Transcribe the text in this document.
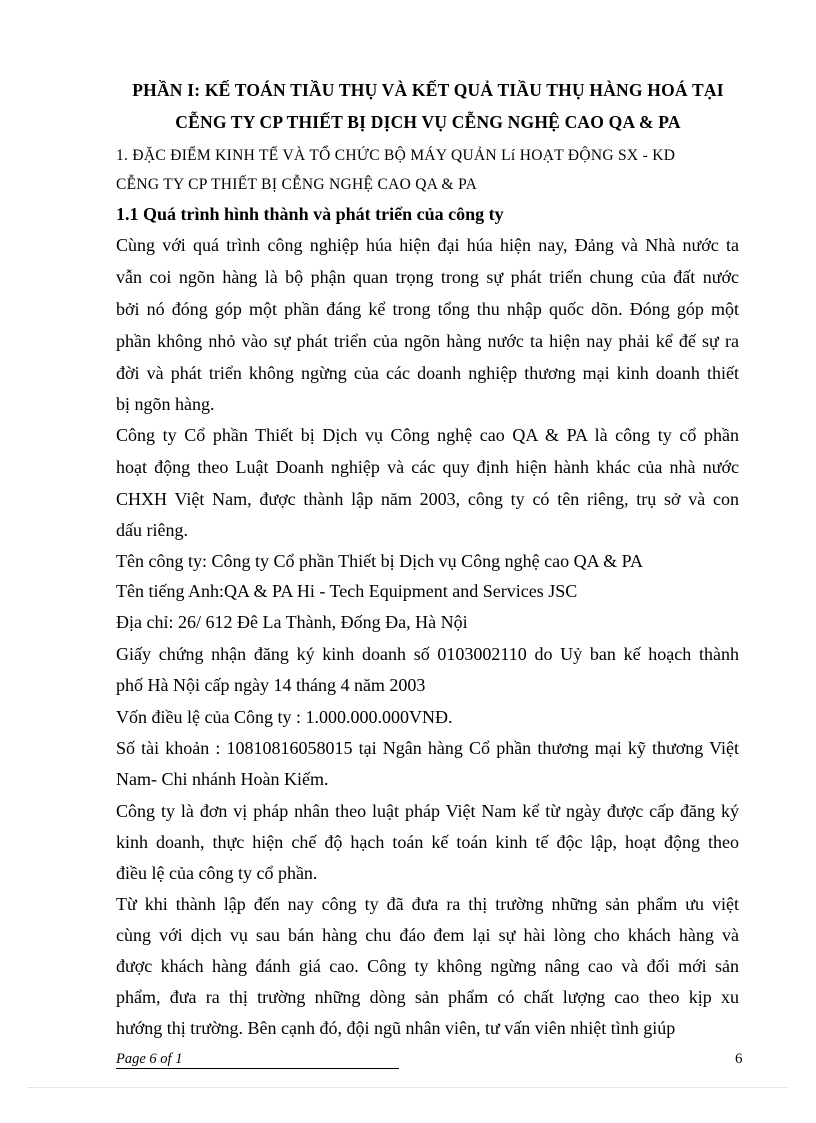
PHẦN I: KẾ TOÁN TIẦU THỤ VÀ KẾT QUẢ TIẦU THỤ HÀNG HOÁ TẠI
CỄNG TY CP THIẾT BỊ DỊCH VỤ CỄNG NGHỆ CAO QA & PA
1. ĐẶC ĐIỂM KINH TẾ VÀ TỔ CHỨC BỘ MÁY QUẢN Lí HOẠT ĐỘNG SX - KD
CỄNG TY CP THIẾT BỊ CỄNG NGHỆ CAO QA & PA
1.1 Quá trình hình thành và phát triển của công ty
Cùng với quá trình công nghiệp húa hiện đại húa hiện nay, Đảng và Nhà nước ta
vẫn coi ngõn hàng là bộ phận quan trọng trong sự phát triển chung của đất nước
bởi nó đóng góp một phần đáng kể trong tổng thu nhập quốc dõn. Đóng góp một
phần không nhỏ vào sự phát triển của ngõn hàng nước ta hiện nay phải kể đế sự ra
đời và phát triển không ngừng của các doanh nghiệp thương mại kinh doanh thiết
bị ngõn hàng.
Công ty Cổ phần Thiết bị Dịch vụ Công nghệ cao QA & PA là công ty cổ phần
hoạt động theo Luật Doanh nghiệp và các quy định hiện hành khác của nhà nước
CHXH Việt Nam, được thành lập năm 2003, công ty có tên riêng, trụ sở và con
dấu riêng.
Tên công ty: Công ty Cổ phần Thiết bị Dịch vụ Công nghệ cao QA & PA
Tên tiếng Anh:QA & PA Hi - Tech Equipment and Services JSC
Địa chỉ: 26/ 612 Đê La Thành, Đống Đa, Hà Nội
Giấy chứng nhận đăng ký kinh doanh số 0103002110 do Uỷ ban kế hoạch thành
phố Hà Nội cấp ngày 14 tháng 4 năm 2003
Vốn điều lệ của Công ty : 1.000.000.000VNĐ.
Số tài khoản : 10810816058015 tại Ngân hàng Cổ phần thương mại kỹ thương Việt
Nam- Chi nhánh Hoàn Kiếm.
Công ty là đơn vị pháp nhân theo luật pháp Việt Nam kể từ ngày được cấp đăng ký
kinh doanh, thực hiện chế độ hạch toán kế toán kinh tế độc lập, hoạt động theo
điều lệ của công ty cổ phần.
Từ khi thành lập đến nay công ty đã đưa ra thị trường những sản phẩm ưu việt
cùng với dịch vụ sau bán hàng chu đáo đem lại sự hài lòng cho khách hàng và
được khách hàng đánh giá cao. Công ty không ngừng nâng cao và đổi mới sản
phẩm, đưa ra thị trường những dòng sản phẩm có chất lượng cao theo kịp xu
hướng thị trường. Bên cạnh đó, đội ngũ nhân viên, tư vấn viên nhiệt tình giúp
Page 6 of 1	6
